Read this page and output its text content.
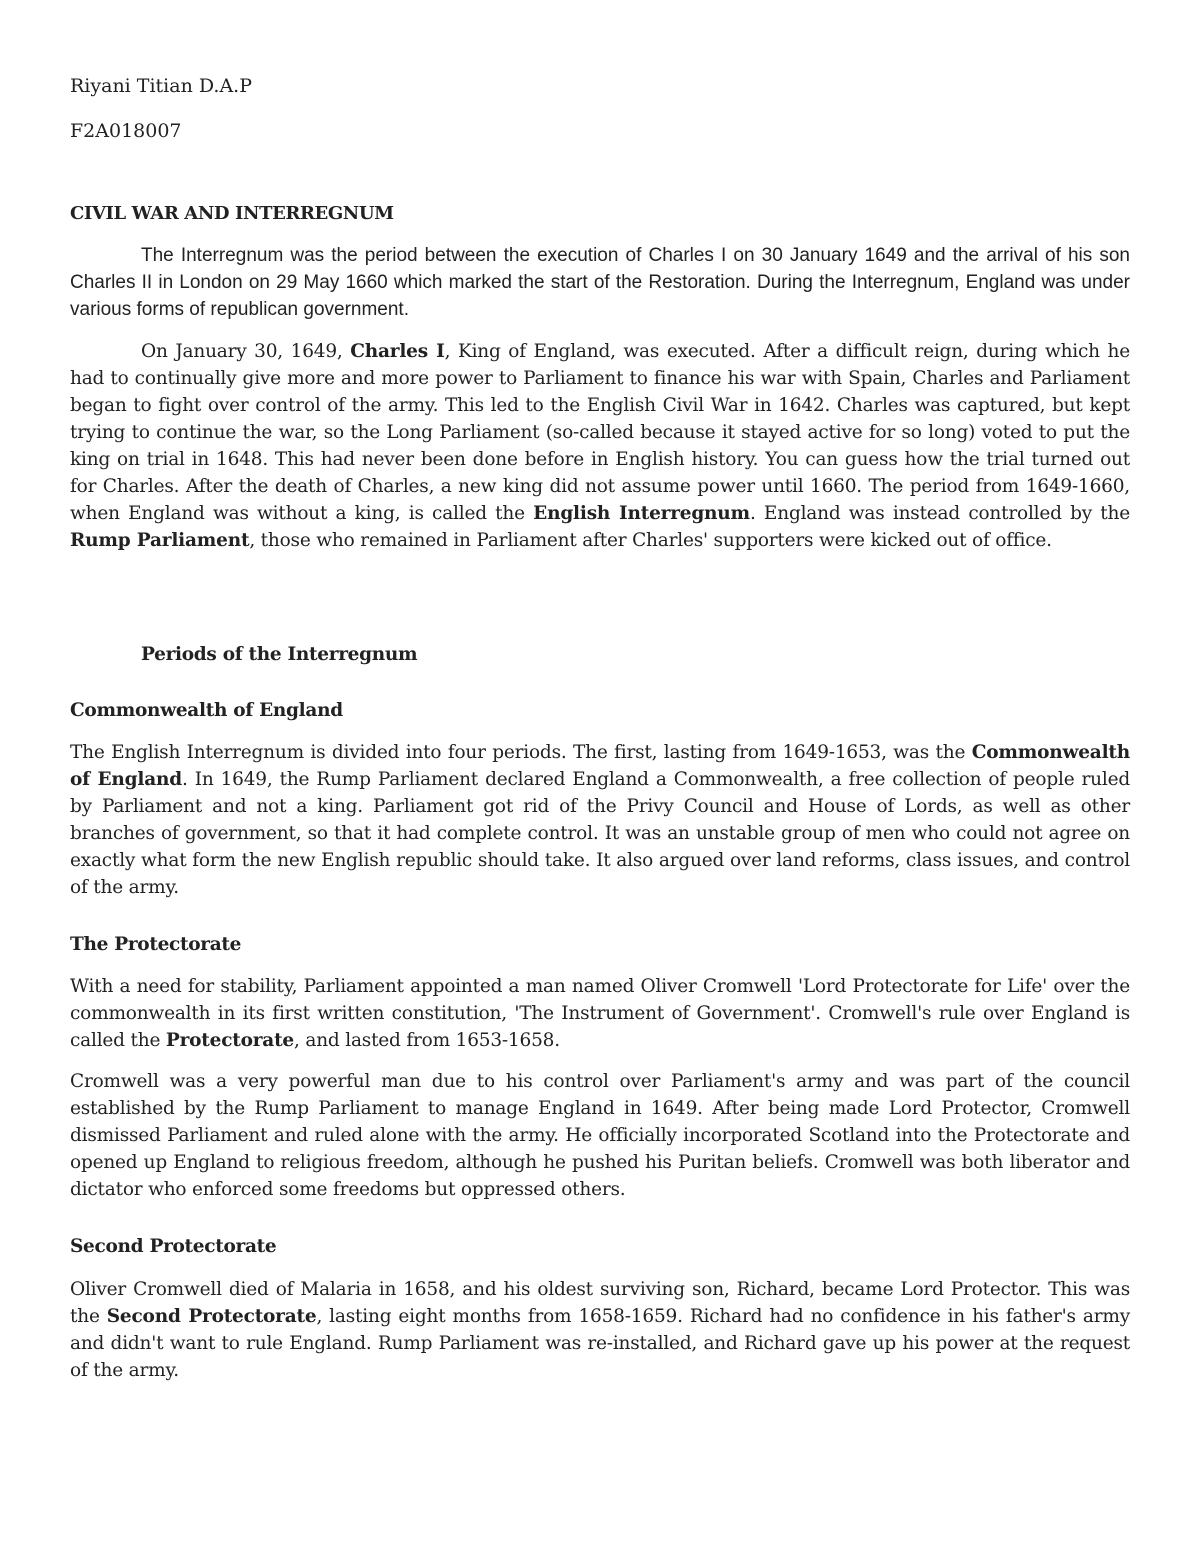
Riyani Titian D.A.P
F2A018007
CIVIL WAR AND INTERREGNUM

The Interregnum was the period between the execution of Charles I on 30 January 1649 and the arrival of his son Charles II in London on 29 May 1660 which marked the start of the Restoration. During the Interregnum, England was under various forms of republican government.

On January 30, 1649, Charles I, King of England, was executed. After a difficult reign, during which he had to continually give more and more power to Parliament to finance his war with Spain, Charles and Parliament began to fight over control of the army. This led to the English Civil War in 1642. Charles was captured, but kept trying to continue the war, so the Long Parliament (so-called because it stayed active for so long) voted to put the king on trial in 1648. This had never been done before in English history. You can guess how the trial turned out for Charles. After the death of Charles, a new king did not assume power until 1660. The period from 1649-1660, when England was without a king, is called the English Interregnum. England was instead controlled by the Rump Parliament, those who remained in Parliament after Charles' supporters were kicked out of office.

Periods of the Interregnum
Commonwealth of England

The English Interregnum is divided into four periods. The first, lasting from 1649-1653, was the Commonwealth of England. In 1649, the Rump Parliament declared England a Commonwealth, a free collection of people ruled by Parliament and not a king. Parliament got rid of the Privy Council and House of Lords, as well as other branches of government, so that it had complete control. It was an unstable group of men who could not agree on exactly what form the new English republic should take. It also argued over land reforms, class issues, and control of the army.

The Protectorate

With a need for stability, Parliament appointed a man named Oliver Cromwell 'Lord Protectorate for Life' over the commonwealth in its first written constitution, 'The Instrument of Government'. Cromwell's rule over England is called the Protectorate, and lasted from 1653-1658.

Cromwell was a very powerful man due to his control over Parliament's army and was part of the council established by the Rump Parliament to manage England in 1649. After being made Lord Protector, Cromwell dismissed Parliament and ruled alone with the army. He officially incorporated Scotland into the Protectorate and opened up England to religious freedom, although he pushed his Puritan beliefs. Cromwell was both liberator and dictator who enforced some freedoms but oppressed others.

Second Protectorate

Oliver Cromwell died of Malaria in 1658, and his oldest surviving son, Richard, became Lord Protector. This was the Second Protectorate, lasting eight months from 1658-1659. Richard had no confidence in his father's army and didn't want to rule England. Rump Parliament was re-installed, and Richard gave up his power at the request of the army.
